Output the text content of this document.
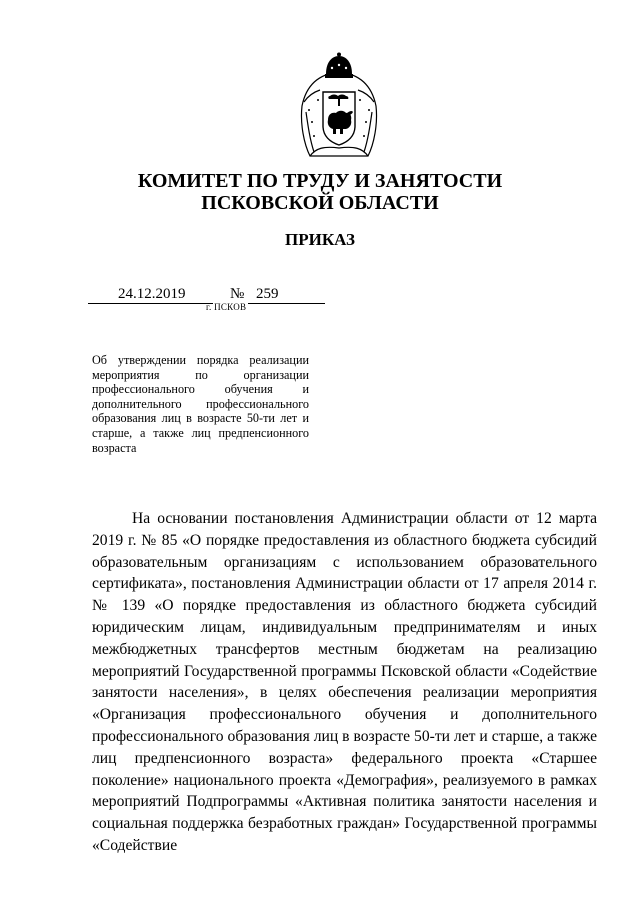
КОМИТЕТ ПО ТРУДУ И ЗАНЯТОСТИ
ПСКОВСКОЙ ОБЛАСТИ
ПРИКАЗ
24.12.2019	№ 259
г. ПСКОВ
Об утверждении порядка реализации мероприятия по организации профессионального обучения и дополнительного профессионального образования лиц в возрасте 50-ти лет и старше, а также лиц предпенсионного возраста
На основании постановления Администрации области от 12 марта 2019 г. № 85 «О порядке предоставления из областного бюджета субсидий образовательным организациям с использованием образовательного сертификата», постановления Администрации области от 17 апреля 2014 г. № 139 «О порядке предоставления из областного бюджета субсидий юридическим лицам, индивидуальным предпринимателям и иных межбюджетных трансфертов местным бюджетам на реализацию мероприятий Государственной программы Псковской области «Содействие занятости населения», в целях обеспечения реализации мероприятия «Организация профессионального обучения и дополнительного профессионального образования лиц в возрасте 50-ти лет и старше, а также лиц предпенсионного возраста» федерального проекта «Старшее поколение» национального проекта «Демография», реализуемого в рамках мероприятий Подпрограммы «Активная политика занятости населения и социальная поддержка безработных граждан» Государственной программы «Содействие
